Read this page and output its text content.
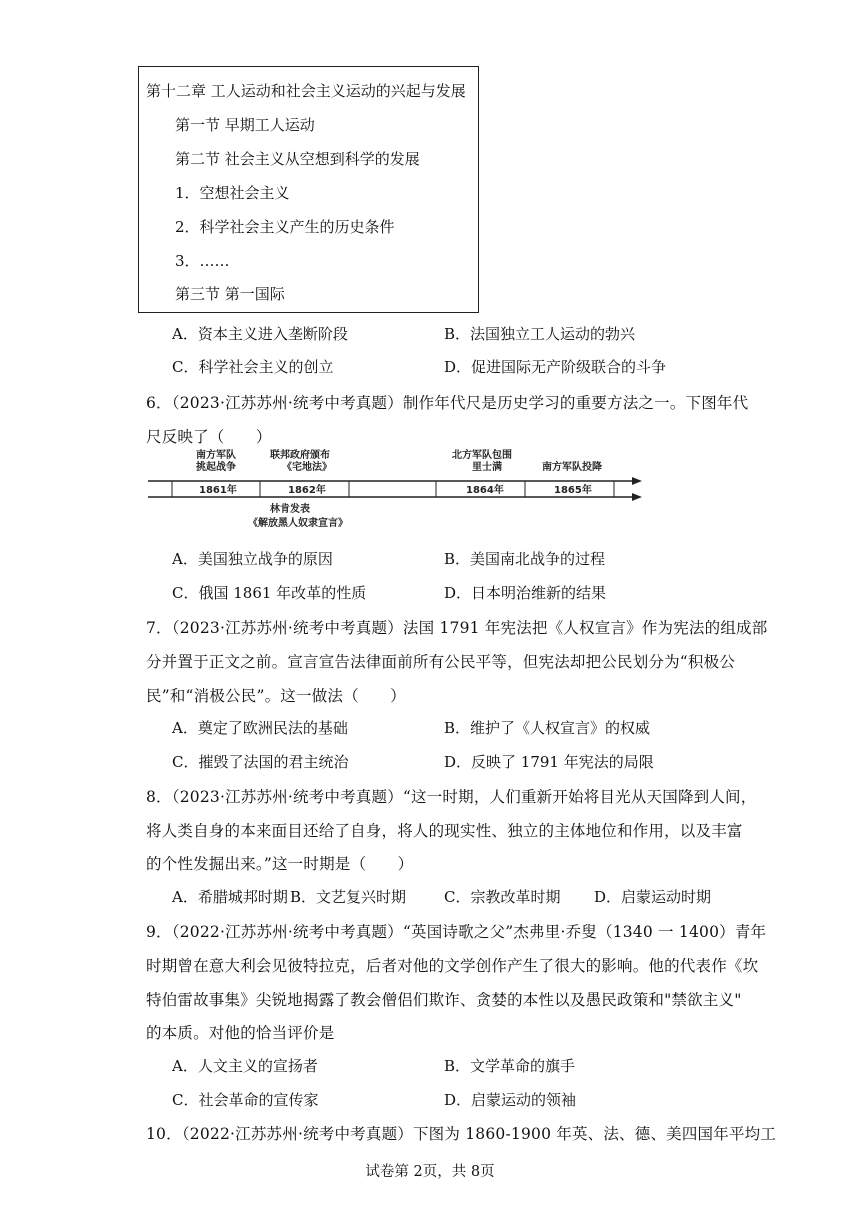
第十二章 工人运动和社会主义运动的兴起与发展
第一节 早期工人运动
第二节 社会主义从空想到科学的发展
1．空想社会主义
2．科学社会主义产生的历史条件
3．……
第三节 第一国际
A．资本主义进入垄断阶段	B．法国独立工人运动的勃兴
C．科学社会主义的创立	D．促进国际无产阶级联合的斗争
6．（2023·江苏苏州·统考中考真题）制作年代尺是历史学习的重要方法之一。下图年代
尺反映了（　　）
南方军队
挑起战争
联邦政府颁布
《宅地法》
北方军队包围
里士满	南方军队投降
1861年	1862年	1864年	1865年
林肯发表
《解放黑人奴隶宣言》
A．美国独立战争的原因	B．美国南北战争的过程
C．俄国 1861 年改革的性质	D．日本明治维新的结果
7．（2023·江苏苏州·统考中考真题）法国 1791 年宪法把《人权宣言》作为宪法的组成部
分并置于正文之前。宣言宣告法律面前所有公民平等，但宪法却把公民划分为“积极公
民”和“消极公民”。这一做法（　　）
A．奠定了欧洲民法的基础	B．维护了《人权宣言》的权威
C．摧毁了法国的君主统治	D．反映了 1791 年宪法的局限
8．（2023·江苏苏州·统考中考真题）“这一时期，人们重新开始将目光从天国降到人间，
将人类自身的本来面目还给了自身，将人的现实性、独立的主体地位和作用，以及丰富
的个性发掘出来。”这一时期是（　　）
A．希腊城邦时期 B．文艺复兴时期	C．宗教改革时期 D．启蒙运动时期
9．（2022·江苏苏州·统考中考真题）“英国诗歌之父”杰弗里·乔叟（1340 一 1400）青年
时期曾在意大利会见彼特拉克，后者对他的文学创作产生了很大的影响。他的代表作《坎
特伯雷故事集》尖锐地揭露了教会僧侣们欺诈、贪婪的本性以及愚民政策和"禁欲主义"
的本质。对他的恰当评价是
A．人文主义的宣扬者	B．文学革命的旗手
C．社会革命的宣传家	D．启蒙运动的领袖
10．（2022·江苏苏州·统考中考真题）下图为 1860-1900 年英、法、德、美四国年平均工
试卷第 2页，共 8页
